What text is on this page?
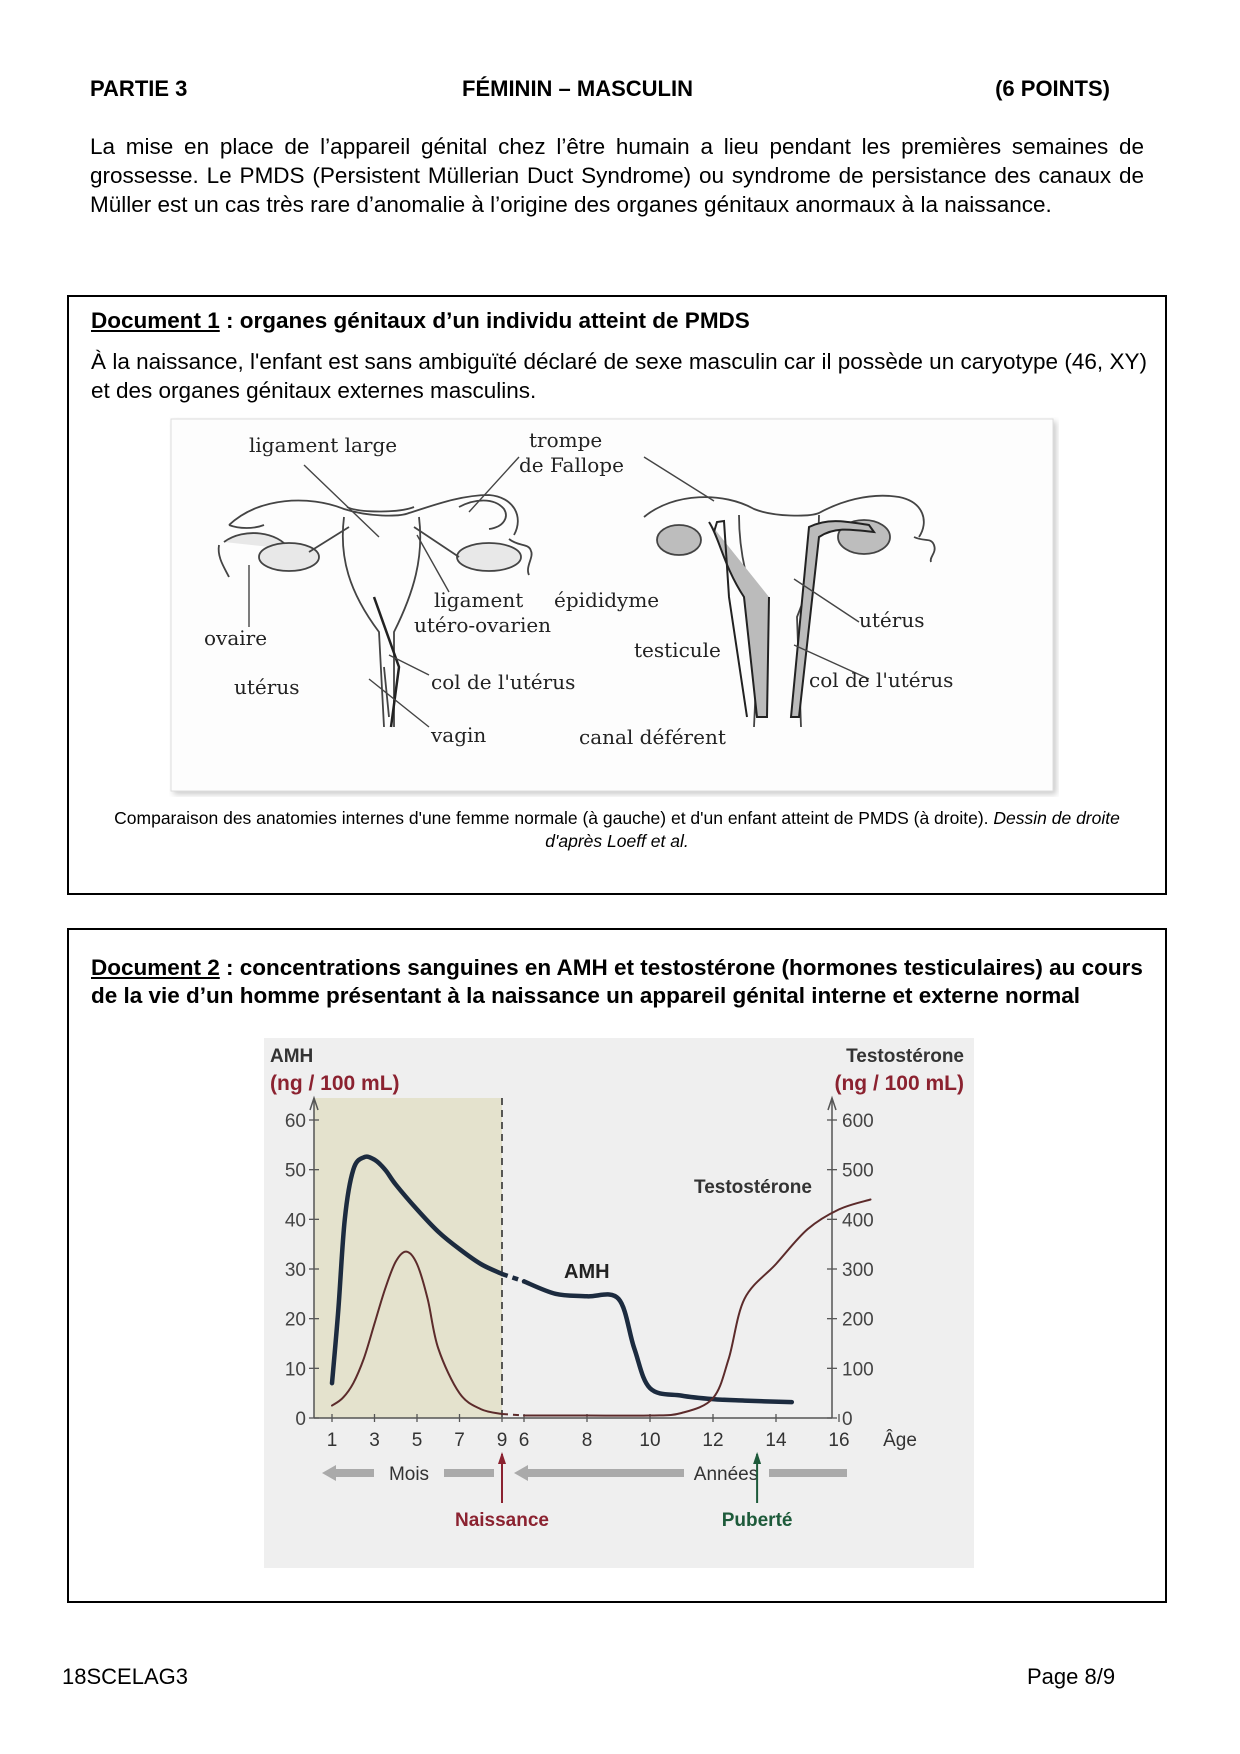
PARTIE 3	FÉMININ – MASCULIN	(6 POINTS)
La mise en place de l’appareil génital chez l’être humain a lieu pendant les premières semaines de grossesse. Le PMDS (Persistent Müllerian Duct Syndrome) ou syndrome de persistance des canaux de Müller est un cas très rare d’anomalie à l’origine des organes génitaux anormaux à la naissance.
Document 1 : organes génitaux d’un individu atteint de PMDS
À la naissance, l'enfant est sans ambiguïté déclaré de sexe masculin car il possède un caryotype (46, XY) et des organes génitaux externes masculins.
ligament large	trompe
de Fallope
ligament
utéro-ovarien
ovaire
utérus	col de l'utérus
vagin
épididyme
testicule
canal déférent
utérus
col de l'utérus
Comparaison des anatomies internes d'une femme normale (à gauche) et d'un enfant atteint de PMDS (à droite). Dessin de droite d'après Loeff et al.
Document 2 : concentrations sanguines en AMH et testostérone (hormones testiculaires) au cours de la vie d’un homme présentant à la naissance un appareil génital interne et externe normal
AMH
(ng / 100 mL)
Testostérone
(ng / 100 mL)
0
10
20
30
40
50
60
0
100
200
300
400
500
600
1 3 5 7 9 6	8 10 12 14 16 Âge
Mois	Années
Naissance	Puberté
AMH
Testostérone
18SCELAG3	Page 8/9
